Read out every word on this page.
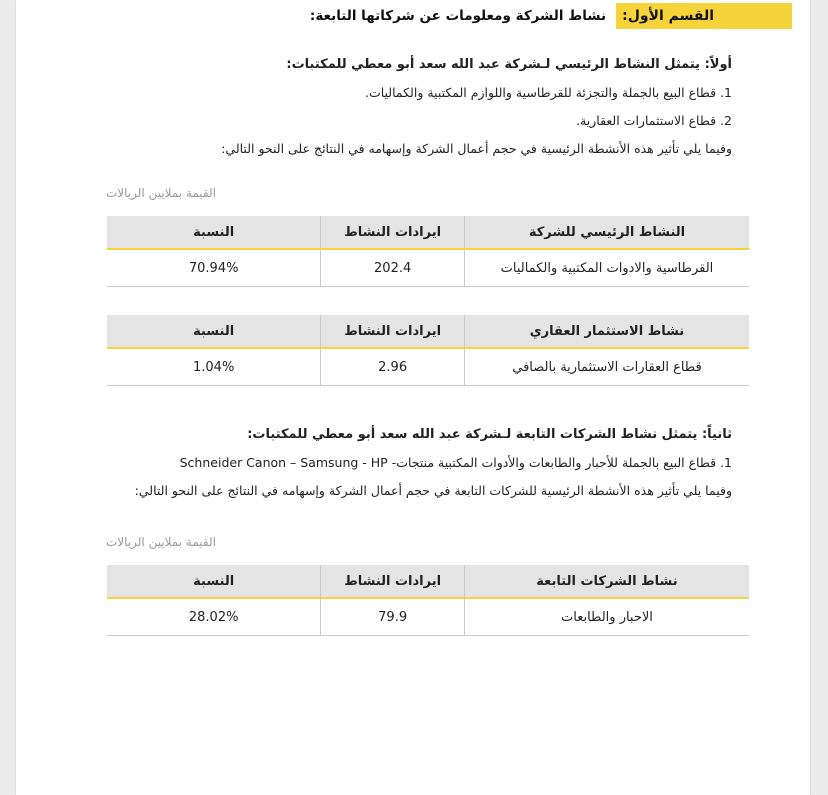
القسم الأول:
نشاط الشركة ومعلومات عن شركاتها التابعة:
أولاً: يتمثل النشاط الرئيسي لـشركة عبد الله سعد أبو معطي للمكتبات:
1. قطاع البيع بالجملة والتجزئة للقرطاسية واللوازم المكتبية والكماليات.
2. قطاع الاستثمارات العقارية.
وفيما يلي تأثير هذه الأنشطة الرئيسية في حجم أعمال الشركة وإسهامه في النتائج على النحو التالي:
القيمة بملايين الريالات
النشاط الرئيسي للشركة	ايرادات النشاط	النسبة
القرطاسية والادوات المكتبية والكماليات	202.4	70.94%
نشاط الاستثمار العقاري	ايرادات النشاط	النسبة
قطاع العقارات الاستثمارية بالصافي	2.96	1.04%
ثانياً: يتمثل نشاط الشركات التابعة لـشركة عبد الله سعد أبو معطي للمكتبات:
1. قطاع البيع بالجملة للأحبار والطابعات والأدوات المكتبية منتجات- Schneider Canon – Samsung - HP
وفيما يلي تأثير هذه الأنشطة الرئيسية للشركات التابعة في حجم أعمال الشركة وإسهامه في النتائج على النحو التالي:
القيمة بملايين الريالات
نشاط الشركات التابعة	ايرادات النشاط	النسبة
الاحبار والطابعات	79.9	28.02%
